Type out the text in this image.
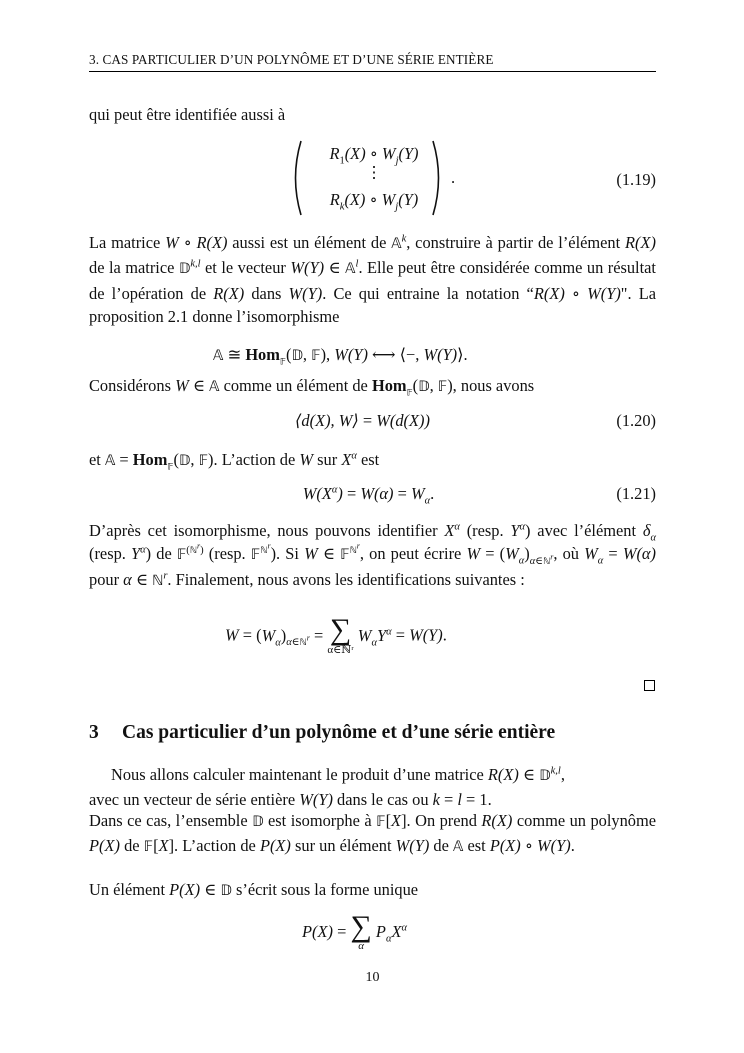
3. CAS PARTICULIER D’UN POLYNÔME ET D’UNE SÉRIE ENTIÈRE
qui peut être identifiée aussi à
$R_1(X)$ ∘ $W_j(Y)$
⋮
$R_k(X)$ ∘ $W_j(Y)$
.	(1.19)
La matrice W ∘ R(X) aussi est un élément de 𝔸$^k$, construire à partir de l’élément R(X) de la matrice 𝔻$^{k,l}$ et le vecteur W(Y) ∈ 𝔸$^l$. Elle peut être considérée comme un résultat de l’opération de R(X) dans W(Y). Ce qui entraine la notation “R(X) ∘ W(Y)". La proposition 2.1 donne l’isomorphisme
𝔸 ≅ Hom$_𝔽$(𝔻, 𝔽), W(Y) ⟷ ⟨−, W(Y)⟩.
Considérons W ∈ 𝔸 comme un élément de Hom$_𝔽$(𝔻, 𝔽), nous avons
⟨d(X), W⟩ = W(d(X))	(1.20)
et 𝔸 = Hom$_𝔽$(𝔻, 𝔽). L’action de W sur $X^\alpha$ est
$W(X^\alpha) = W(\alpha) = W_\alpha$.	(1.21)
D’après cet isomorphisme, nous pouvons identifier $X^\alpha$ (resp. $Y^\alpha$) avec l’élément $\delta_\alpha$ (resp. $Y^\alpha$) de 𝔽$^{(ℕ^r)}$ (resp. 𝔽$^{ℕ^r}$). Si W ∈ 𝔽$^{ℕ^r}$, on peut écrire $W = (W_\alpha)_{\alpha\in ℕ^r}$, où $W_\alpha = W(\alpha)$ pour α ∈ ℕ$^r$. Finalement, nous avons les identifications suivantes :
$W = (W_\alpha)_{\alpha\in ℕ^r}$ = ∑
α∈ℕʳ
$W_\alpha Y^\alpha = W(Y)$.
3 Cas particulier d’un polynôme et d’une série entière
Nous allons calculer maintenant le produit d’une matrice R(X) ∈ 𝔻$^{k,l}$,
avec un vecteur de série entière W(Y) dans le cas ou k = l = 1.
Dans ce cas, l’ensemble 𝔻 est isomorphe à 𝔽[X]. On prend R(X) comme un polynôme P(X) de 𝔽[X]. L’action de P(X) sur un élément W(Y) de 𝔸 est P(X) ∘ W(Y).
Un élément P(X) ∈ 𝔻 s’écrit sous la forme unique
P(X) = ∑
α
$P_\alpha X^\alpha$
10
